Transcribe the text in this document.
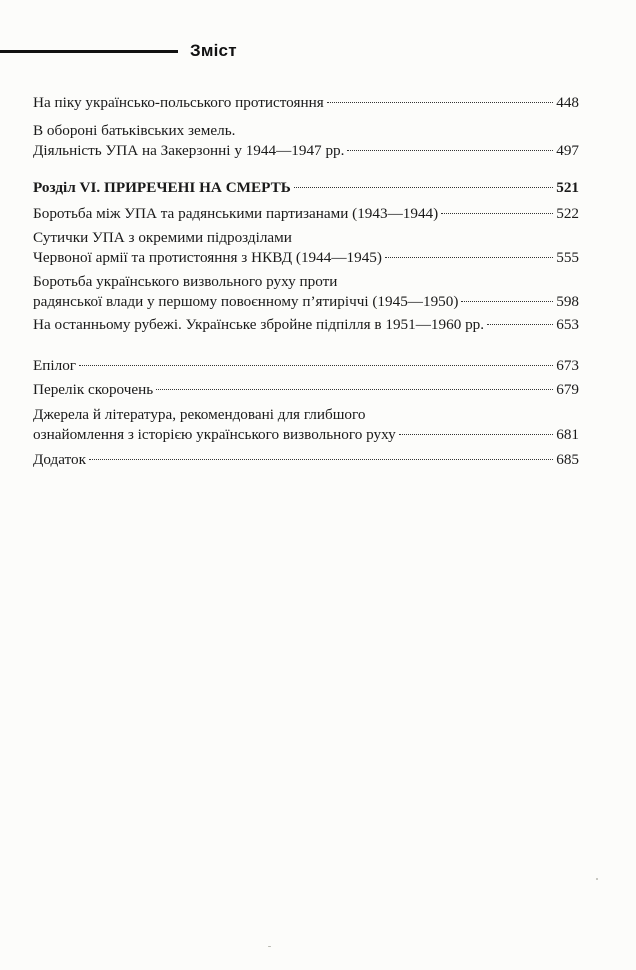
Зміст
На піку українсько-польського протистояння	448
В обороні батьківських земель.
Діяльність УПА на Закерзонні у 1944—1947 рр.	497
Розділ VI. ПРИРЕЧЕНІ НА СМЕРТЬ	521
Боротьба між УПА та радянськими партизанами (1943—1944)	522
Сутички УПА з окремими підрозділами
Червоної армії та протистояння з НКВД (1944—1945)	555
Боротьба українського визвольного руху проти
радянської влади у першому повоєнному п’ятиріччі (1945—1950)	598
На останньому рубежі. Українське збройне підпілля в 1951—1960 рр.	653
Епілог	673
Перелік скорочень	679
Джерела й література, рекомендовані для глибшого
ознайомлення з історією українського визвольного руху	681
Додаток	685
